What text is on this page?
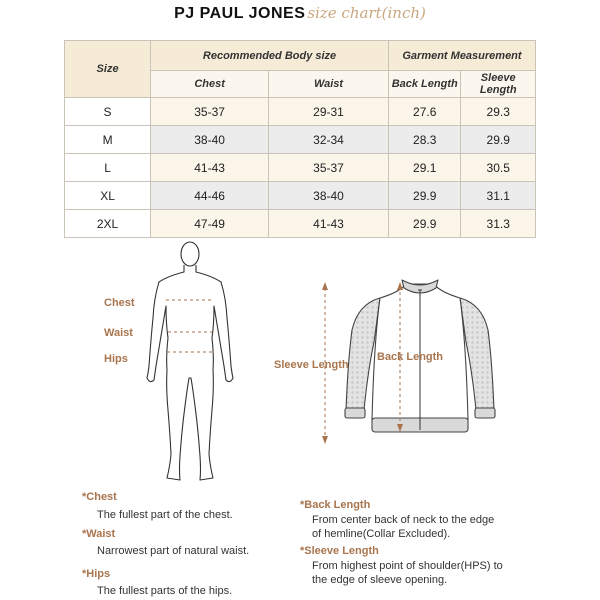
PJ PAUL JONES size chart(inch)
Size	Recommended Body size		Garment Measurement	
	Chest	Waist	Back Length	Sleeve Length
S	35-37	29-31	27.6	29.3
M	38-40	32-34	28.3	29.9
L	41-43	35-37	29.1	30.5
XL	44-46	38-40	29.9	31.1
2XL	47-49	41-43	29.9	31.3
Chest
Waist
Hips	Sleeve Length
Back Length
*Chest
The fullest part of the chest.
*Waist
Narrowest part of natural waist.
*Hips
The fullest parts of the hips.
*Back Length
From center back of neck to the edge
of hemline(Collar Excluded).
*Sleeve Length
From highest point of shoulder(HPS) to
the edge of sleeve opening.
